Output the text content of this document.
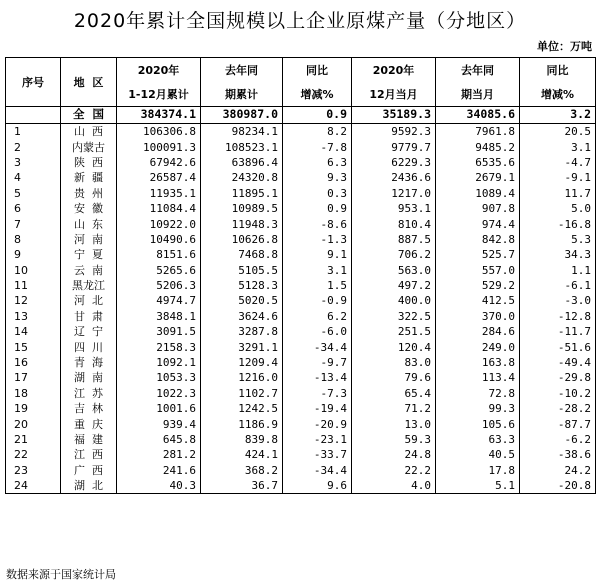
2020年累计全国规模以上企业原煤产量（分地区）
单位：万吨
序号	地  区	2020年	去年同	同比	2020年	去年同	同比
		1-12月累计	期累计	增减%	12月当月	期当月	增减%
	全  国	384374.1	380987.0	0.9	35189.3	34085.6	3.2
1	山  西	106306.8	98234.1	8.2	9592.3	7961.8	20.5
2	内蒙古	100091.3	108523.1	-7.8	9779.7	9485.2	3.1
3	陕  西	67942.6	63896.4	6.3	6229.3	6535.6	-4.7
4	新  疆	26587.4	24320.8	9.3	2436.6	2679.1	-9.1
5	贵  州	11935.1	11895.1	0.3	1217.0	1089.4	11.7
6	安  徽	11084.4	10989.5	0.9	953.1	907.8	5.0
7	山  东	10922.0	11948.3	-8.6	810.4	974.4	-16.8
8	河  南	10490.6	10626.8	-1.3	887.5	842.8	5.3
9	宁  夏	8151.6	7468.8	9.1	706.2	525.7	34.3
10	云  南	5265.6	5105.5	3.1	563.0	557.0	1.1
11	黑龙江	5206.3	5128.3	1.5	497.2	529.2	-6.1
12	河  北	4974.7	5020.5	-0.9	400.0	412.5	-3.0
13	甘  肃	3848.1	3624.6	6.2	322.5	370.0	-12.8
14	辽  宁	3091.5	3287.8	-6.0	251.5	284.6	-11.7
15	四  川	2158.3	3291.1	-34.4	120.4	249.0	-51.6
16	青  海	1092.1	1209.4	-9.7	83.0	163.8	-49.4
17	湖  南	1053.3	1216.0	-13.4	79.6	113.4	-29.8
18	江  苏	1022.3	1102.7	-7.3	65.4	72.8	-10.2
19	吉  林	1001.6	1242.5	-19.4	71.2	99.3	-28.2
20	重  庆	939.4	1186.9	-20.9	13.0	105.6	-87.7
21	福  建	645.8	839.8	-23.1	59.3	63.3	-6.2
22	江  西	281.2	424.1	-33.7	24.8	40.5	-38.6
23	广  西	241.6	368.2	-34.4	22.2	17.8	24.2
24	湖  北	40.3	36.7	9.6	4.0	5.1	-20.8
数据来源于国家统计局
